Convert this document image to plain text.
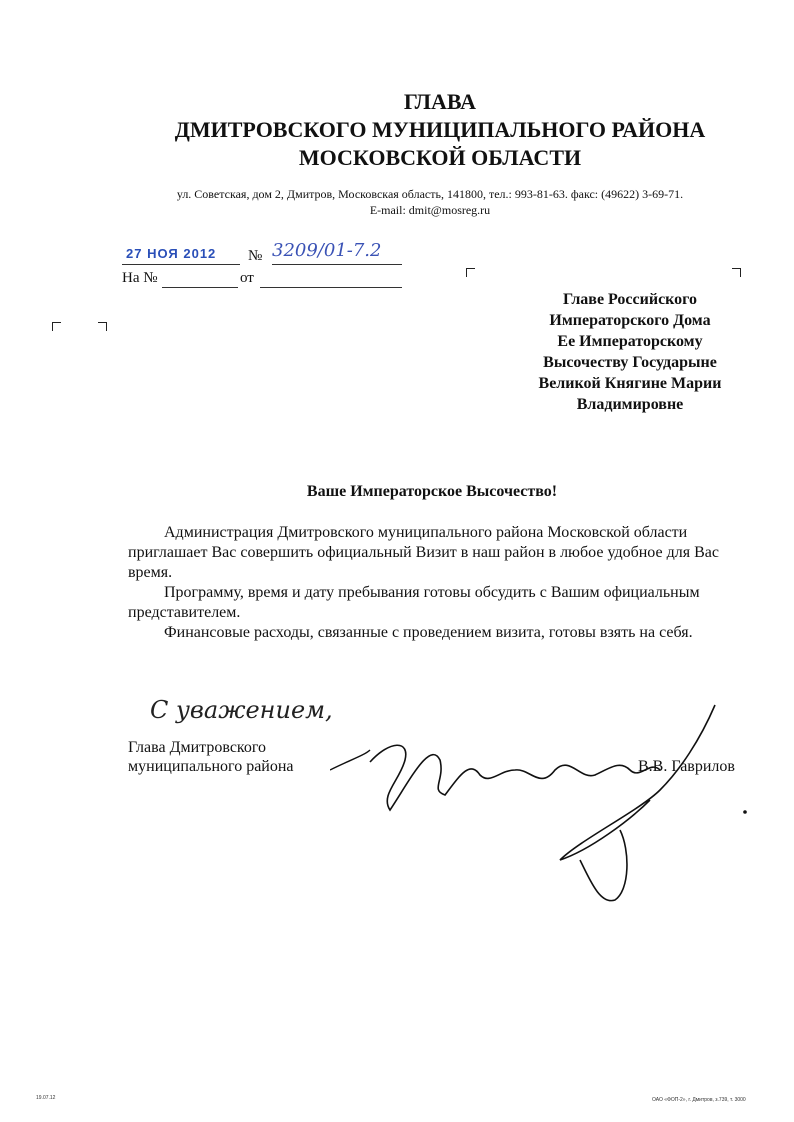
ГЛАВА
ДМИТРОВСКОГО МУНИЦИПАЛЬНОГО РАЙОНА
МОСКОВСКОЙ ОБЛАСТИ
ул. Советская, дом 2, Дмитров, Московская область, 141800, тел.: 993-81-63. факс: (49622) 3-69-71.
E-mail: dmit@mosreg.ru
27 НОЯ 2012 № 3209/01-7.2
На №	от
Главе Российского
Императорского Дома
Ее Императорскому
Высочеству Государыне
Великой Княгине Марии
Владимировне
Ваше Императорское Высочество!

Администрация Дмитровского муниципального района Московской области приглашает Вас совершить официальный Визит в наш район в любое удобное для Вас время.

Программу, время и дату пребывания готовы обсудить с Вашим официальным представителем.

Финансовые расходы, связанные с проведением визита, готовы взять на себя.

С уважением,
Глава Дмитровского
муниципального района	В.В. Гаврилов
19.07.12	ОАО «ФОП-2», г. Дмитров, з.739, т. 3000
